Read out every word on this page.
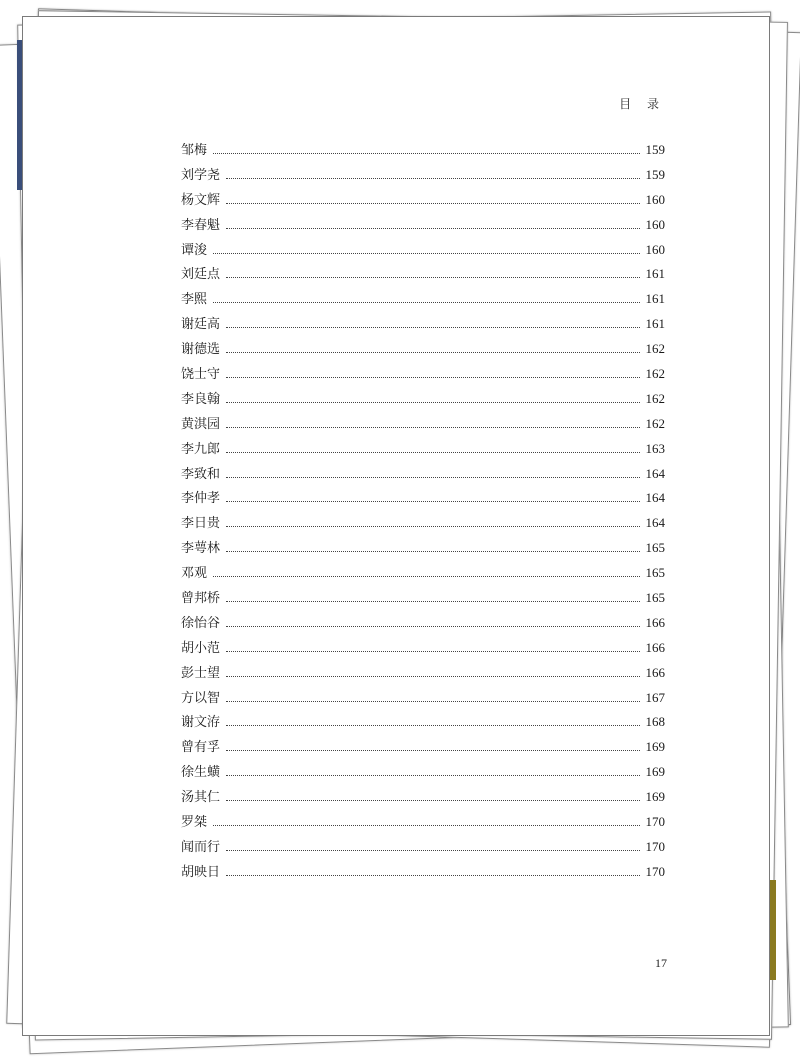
目 录
邹梅	159
刘学尧	159
杨文辉	160
李春魁	160
谭浚	160
刘廷点	161
李熙	161
谢廷高	161
谢德选	162
饶士守	162
李良翰	162
黄淇园	162
李九郎	163
李致和	164
李仲孝	164
李日贵	164
李萼林	165
邓观	165
曾邦桥	165
徐怡谷	166
胡小范	166
彭士望	166
方以智	167
谢文洊	168
曾有孚	169
徐生蟥	169
汤其仁	169
罗桀	170
闻而行	170
胡映日	170
17
